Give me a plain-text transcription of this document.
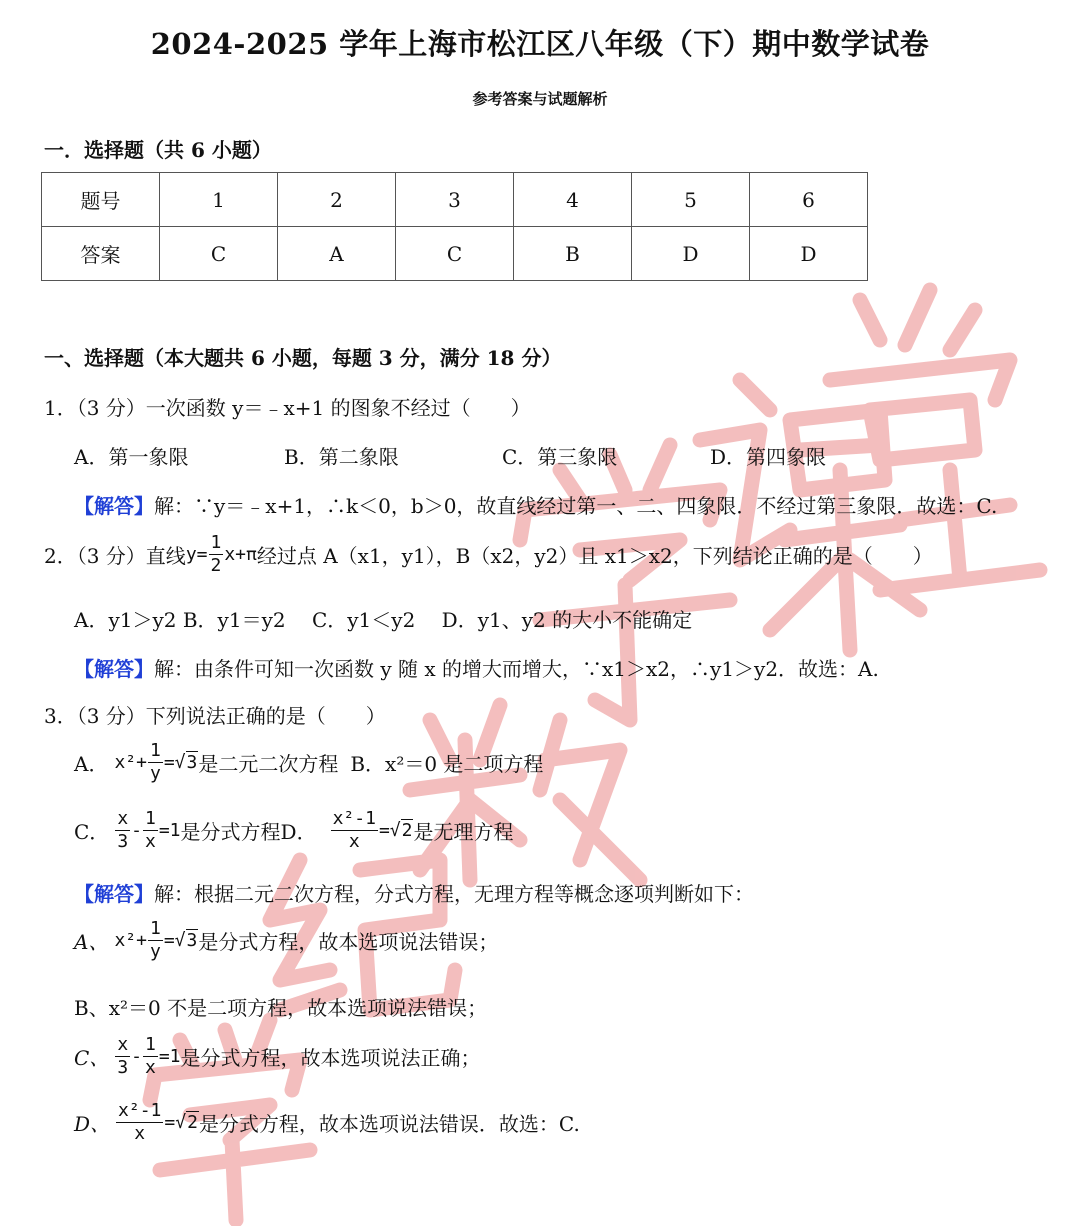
2024-2025 学年上海市松江区八年级（下）期中数学试卷
参考答案与试题解析
一．选择题（共 6 小题）
题号	1	2	3	4	5	6
答案	C	A	C	B	D	D
一、选择题（本大题共 6 小题，每题 3 分，满分 18 分）
1．（3 分）一次函数 y＝﹣x+1 的图象不经过（　　）
A．第一象限	B．第二象限	C．第三象限	D．第四象限
【解答】解：∵y＝﹣x+1，∴k＜0，b＞0，故直线经过第一、二、四象限．不经过第三象限．故选：C.
2．（3 分）直线 $y= \frac{1}{2} x+\pi$ 经过点 A（x1，y1），B（x2，y2）且 x1＞x2，下列结论正确的是（　　）
A．y1＞y2 B．y1＝y2　 C．y1＜y2　 D．y1、y2 的大小不能确定
【解答】解：由条件可知一次函数 y 随 x 的增大而增大，∵x1＞x2，∴y1＞y2．故选：A.
3．（3 分）下列说法正确的是（　　）
A． $x^2 + \frac{1}{y} = √3$ 是二元二次方程 B．x²＝0 是二项方程
C． $\frac{x}{3} - \frac{1}{x} =1$ 是分式方程 D． $\frac{\text{x²-1}}{x} = √2$ 是无理方程
【解答】解：根据二元二次方程，分式方程，无理方程等概念逐项判断如下：
A、 $x^2 + \frac{1}{y} = √3$ 是分式方程，故本选项说法错误；
B、x²＝0 不是二项方程，故本选项说法错误；
C、 $\frac{x}{3} - \frac{1}{x} =1$ 是分式方程，故本选项说法正确；
D、 $\frac{\text{x²-1}}{x} = √2$ 是分式方程，故本选项说法错误．故选：C.
